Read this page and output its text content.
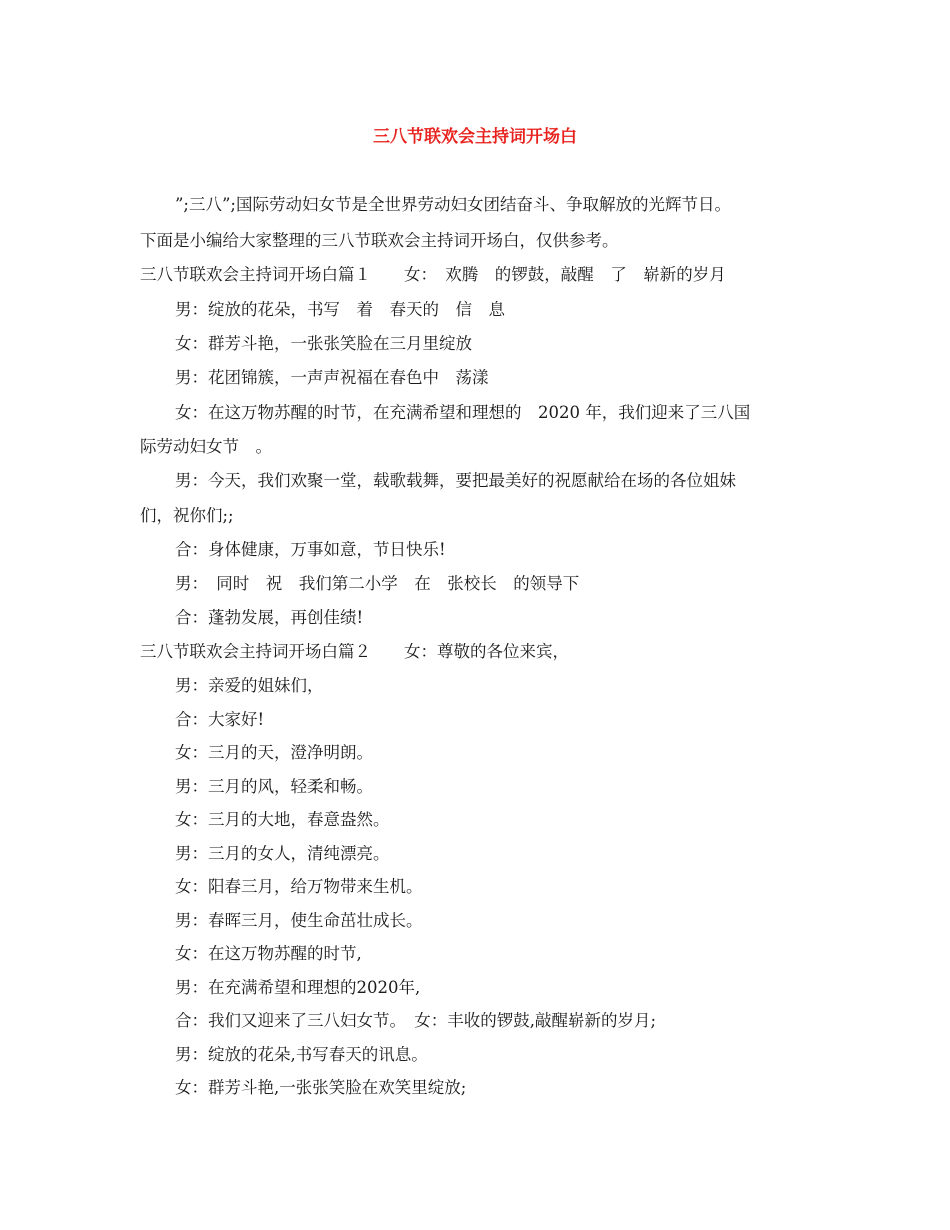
三八节联欢会主持词开场白
”;三八”;国际劳动妇女节是全世界劳动妇女团结奋斗、争取解放的光辉节日。
下面是小编给大家整理的三八节联欢会主持词开场白，仅供参考。
三八节联欢会主持词开场白篇１　　女：　欢腾　的锣鼓，敲醒　了　崭新的岁月
男：绽放的花朵，书写　着　春天的　信　息
女：群芳斗艳，一张张笑脸在三月里绽放
男：花团锦簇，一声声祝福在春色中　荡漾
女：在这万物苏醒的时节，在充满希望和理想的　2020 年，我们迎来了三八国
际劳动妇女节　。
男：今天，我们欢聚一堂，载歌载舞，要把最美好的祝愿献给在场的各位姐妹
们，祝你们;;
合：身体健康，万事如意，节日快乐!
男：　同时　祝　我们第二小学　在　张校长　的领导下
合：蓬勃发展，再创佳绩!
三八节联欢会主持词开场白篇２　　女：尊敬的各位来宾，
男：亲爱的姐妹们，
合：大家好!
女：三月的天，澄净明朗。
男：三月的风，轻柔和畅。
女：三月的大地，春意盎然。
男：三月的女人，清纯漂亮。
女：阳春三月，给万物带来生机。
男：春晖三月，使生命茁壮成长。
女：在这万物苏醒的时节,
男：在充满希望和理想的2020年,
合：我们又迎来了三八妇女节。　女：丰收的锣鼓,敲醒崭新的岁月;
男：绽放的花朵,书写春天的讯息。
女：群芳斗艳,一张张笑脸在欢笑里绽放;
